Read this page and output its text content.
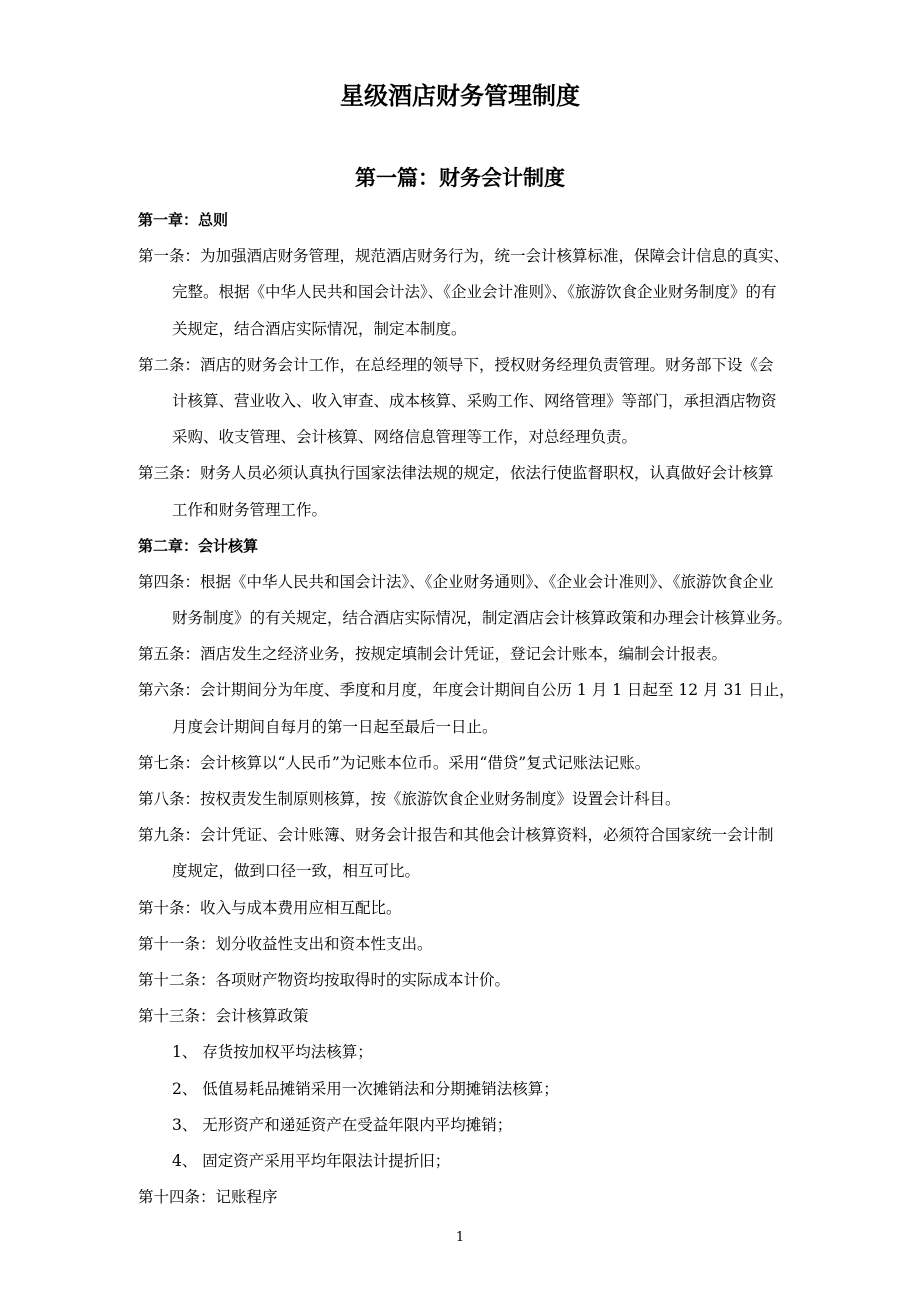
星级酒店财务管理制度
第一篇：财务会计制度
第一章：总则
第一条：为加强酒店财务管理，规范酒店财务行为，统一会计核算标准，保障会计信息的真实、
完整。根据《中华人民共和国会计法》、《企业会计准则》、《旅游饮食企业财务制度》的有
关规定，结合酒店实际情况，制定本制度。
第二条：酒店的财务会计工作，在总经理的领导下，授权财务经理负责管理。财务部下设《会
计核算、营业收入、收入审查、成本核算、采购工作、网络管理》等部门，承担酒店物资
采购、收支管理、会计核算、网络信息管理等工作，对总经理负责。
第三条：财务人员必须认真执行国家法律法规的规定，依法行使监督职权，认真做好会计核算
工作和财务管理工作。
第二章：会计核算
第四条：根据《中华人民共和国会计法》、《企业财务通则》、《企业会计准则》、《旅游饮食企业
财务制度》的有关规定，结合酒店实际情况，制定酒店会计核算政策和办理会计核算业务。
第五条：酒店发生之经济业务，按规定填制会计凭证，登记会计账本，编制会计报表。
第六条：会计期间分为年度、季度和月度，年度会计期间自公历 1 月 1 日起至 12 月 31 日止，
月度会计期间自每月的第一日起至最后一日止。
第七条：会计核算以“人民币”为记账本位币。采用“借贷”复式记账法记账。
第八条：按权责发生制原则核算，按《旅游饮食企业财务制度》设置会计科目。
第九条：会计凭证、会计账簿、财务会计报告和其他会计核算资料，必须符合国家统一会计制
度规定，做到口径一致，相互可比。
第十条：收入与成本费用应相互配比。
第十一条：划分收益性支出和资本性支出。
第十二条：各项财产物资均按取得时的实际成本计价。
第十三条：会计核算政策
1、 存货按加权平均法核算；
2、 低值易耗品摊销采用一次摊销法和分期摊销法核算；
3、 无形资产和递延资产在受益年限内平均摊销；
4、 固定资产采用平均年限法计提折旧；
第十四条：记账程序
1
